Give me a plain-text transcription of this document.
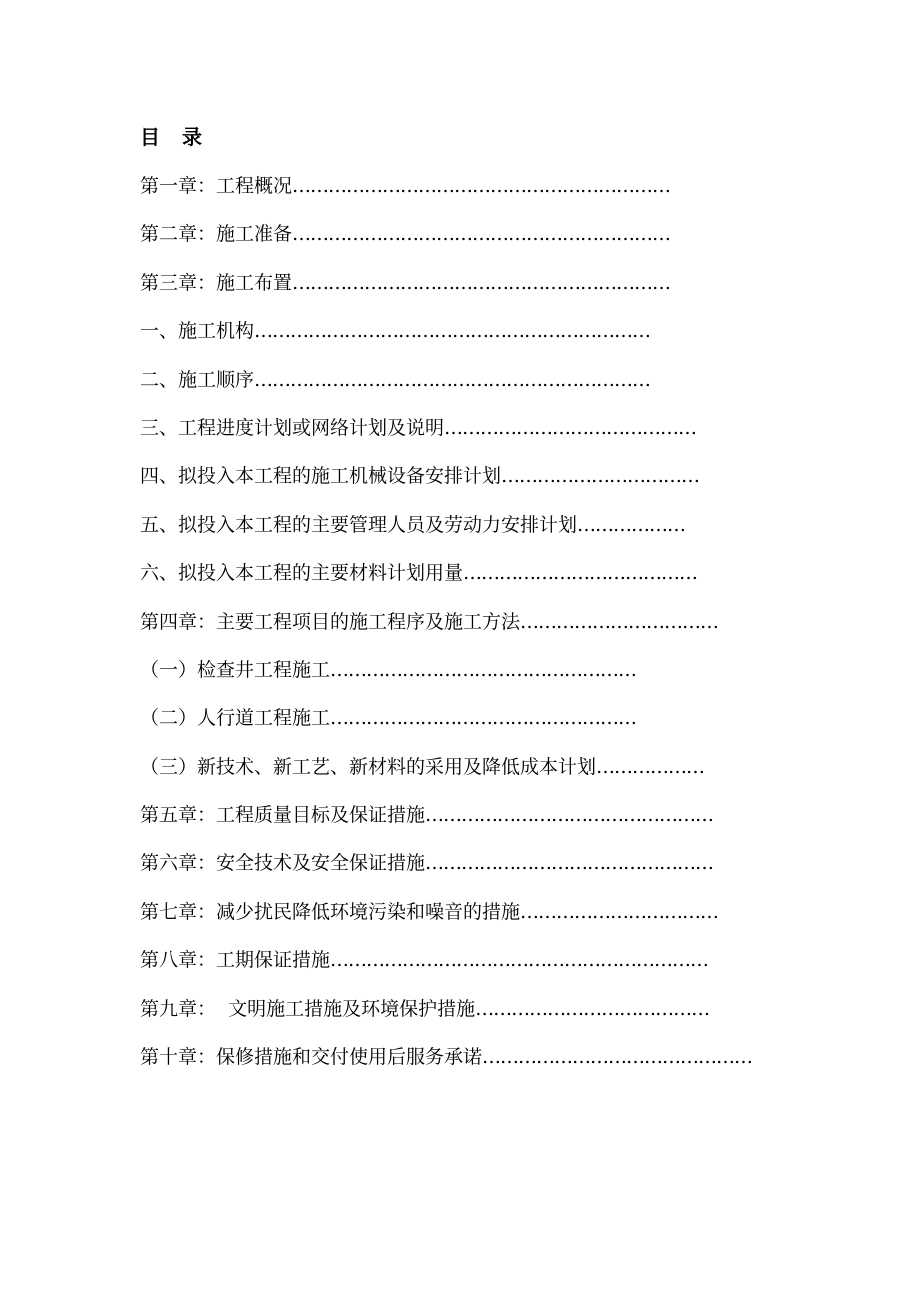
目 录
第一章：工程概况 ………………………………………………………
第二章：施工准备 ………………………………………………………
第三章：施工布置 ………………………………………………………
一、施工机构 …………………………………………………………
二、施工顺序 …………………………………………………………
三、工程进度计划或网络计划及说明 ……………………………………
四、拟投入本工程的施工机械设备安排计划 ……………………………
五、拟投入本工程的主要管理人员及劳动力安排计划 ………………
六、拟投入本工程的主要材料计划用量 …………………………………
第四章：主要工程项目的施工程序及施工方法 ……………………………
（一）检查井工程施工 ……………………………………………
（二）人行道工程施工 ……………………………………………
（三）新技术、新工艺、新材料的采用及降低成本计划 ………………
第五章：工程质量目标及保证措施 …………………………………………
第六章：安全技术及安全保证措施 …………………………………………
第七章：减少扰民降低环境污染和噪音的措施 ……………………………
第八章：工期保证措施 ………………………………………………………
第九章：  文明施工措施及环境保护措施 …………………………………
第十章：保修措施和交付使用后服务承诺 ………………………………………
